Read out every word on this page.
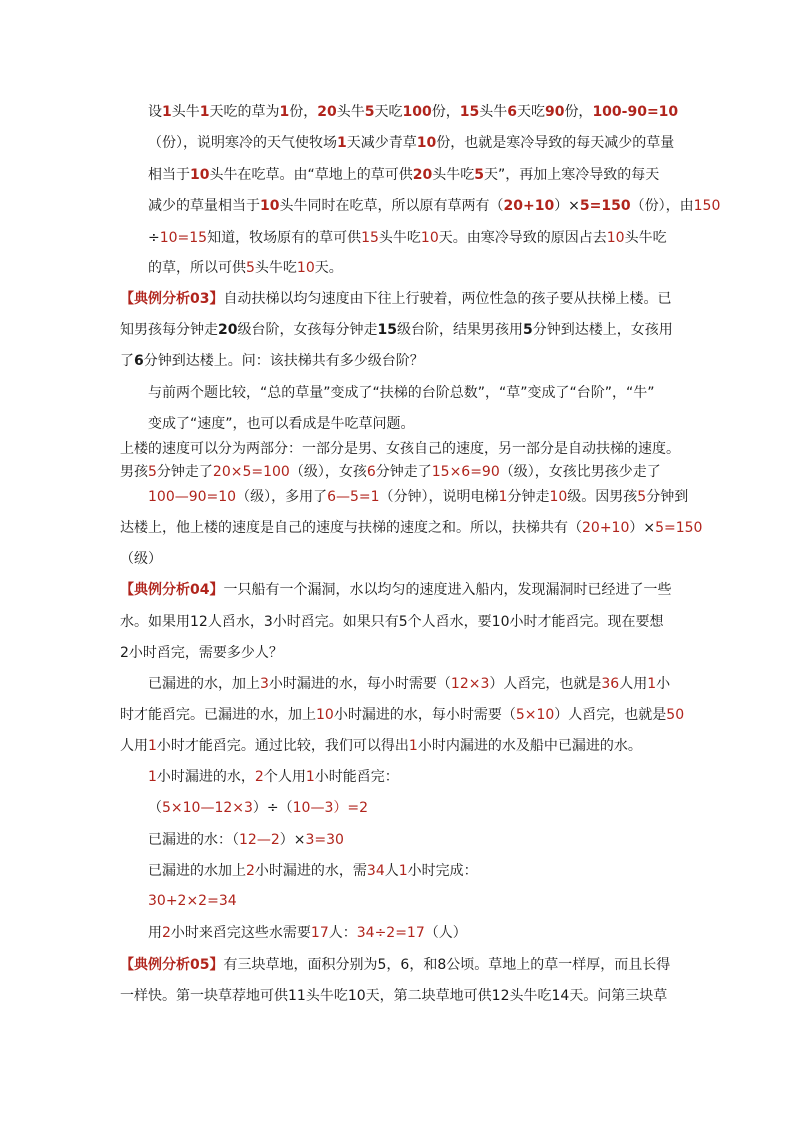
设1头牛1天吃的草为1份，20头牛5天吃100份，15头牛6天吃90份，100-90=10
（份），说明寒冷的天气使牧场1天减少青草10份，也就是寒冷导致的每天减少的草量
相当于10头牛在吃草。由“草地上的草可供20头牛吃5天”，再加上寒冷导致的每天
减少的草量相当于10头牛同时在吃草，所以原有草两有（20+10）×5=150（份），由150
÷10=15知道，牧场原有的草可供15头牛吃10天。由寒冷导致的原因占去10头牛吃
的草，所以可供5头牛吃10天。
【典例分析03】自动扶梯以均匀速度由下往上行驶着，两位性急的孩子要从扶梯上楼。已
知男孩每分钟走20级台阶，女孩每分钟走15级台阶，结果男孩用5分钟到达楼上，女孩用
了6分钟到达楼上。问：该扶梯共有多少级台阶？
与前两个题比较，“总的草量”变成了“扶梯的台阶总数”，“草”变成了“台阶”，“牛”
变成了“速度”，也可以看成是牛吃草问题。
上楼的速度可以分为两部分：一部分是男、女孩自己的速度，另一部分是自动扶梯的速度。
男孩5分钟走了20×5=100（级），女孩6分钟走了15×6=90（级），女孩比男孩少走了
100—90=10（级），多用了6—5=1（分钟），说明电梯1分钟走10级。因男孩5分钟到
达楼上，他上楼的速度是自己的速度与扶梯的速度之和。所以，扶梯共有（20+10）×5=150
（级）
【典例分析04】一只船有一个漏洞，水以均匀的速度进入船内，发现漏洞时已经进了一些
水。如果用12人舀水，3小时舀完。如果只有5个人舀水，要10小时才能舀完。现在要想
2小时舀完，需要多少人？
已漏进的水，加上3小时漏进的水，每小时需要（12×3）人舀完，也就是36人用1小
时才能舀完。已漏进的水，加上10小时漏进的水，每小时需要（5×10）人舀完，也就是50
人用1小时才能舀完。通过比较，我们可以得出1小时内漏进的水及船中已漏进的水。
1小时漏进的水，2个人用1小时能舀完：
（5×10—12×3）÷（10—3）=2
已漏进的水：（12—2）×3=30
已漏进的水加上2小时漏进的水，需34人1小时完成：
30+2×2=34
用2小时来舀完这些水需要17人：34÷2=17（人）
【典例分析05】有三块草地，面积分别为5，6，和8公顷。草地上的草一样厚，而且长得
一样快。第一块草荐地可供11头牛吃10天，第二块草地可供12头牛吃14天。问第三块草
